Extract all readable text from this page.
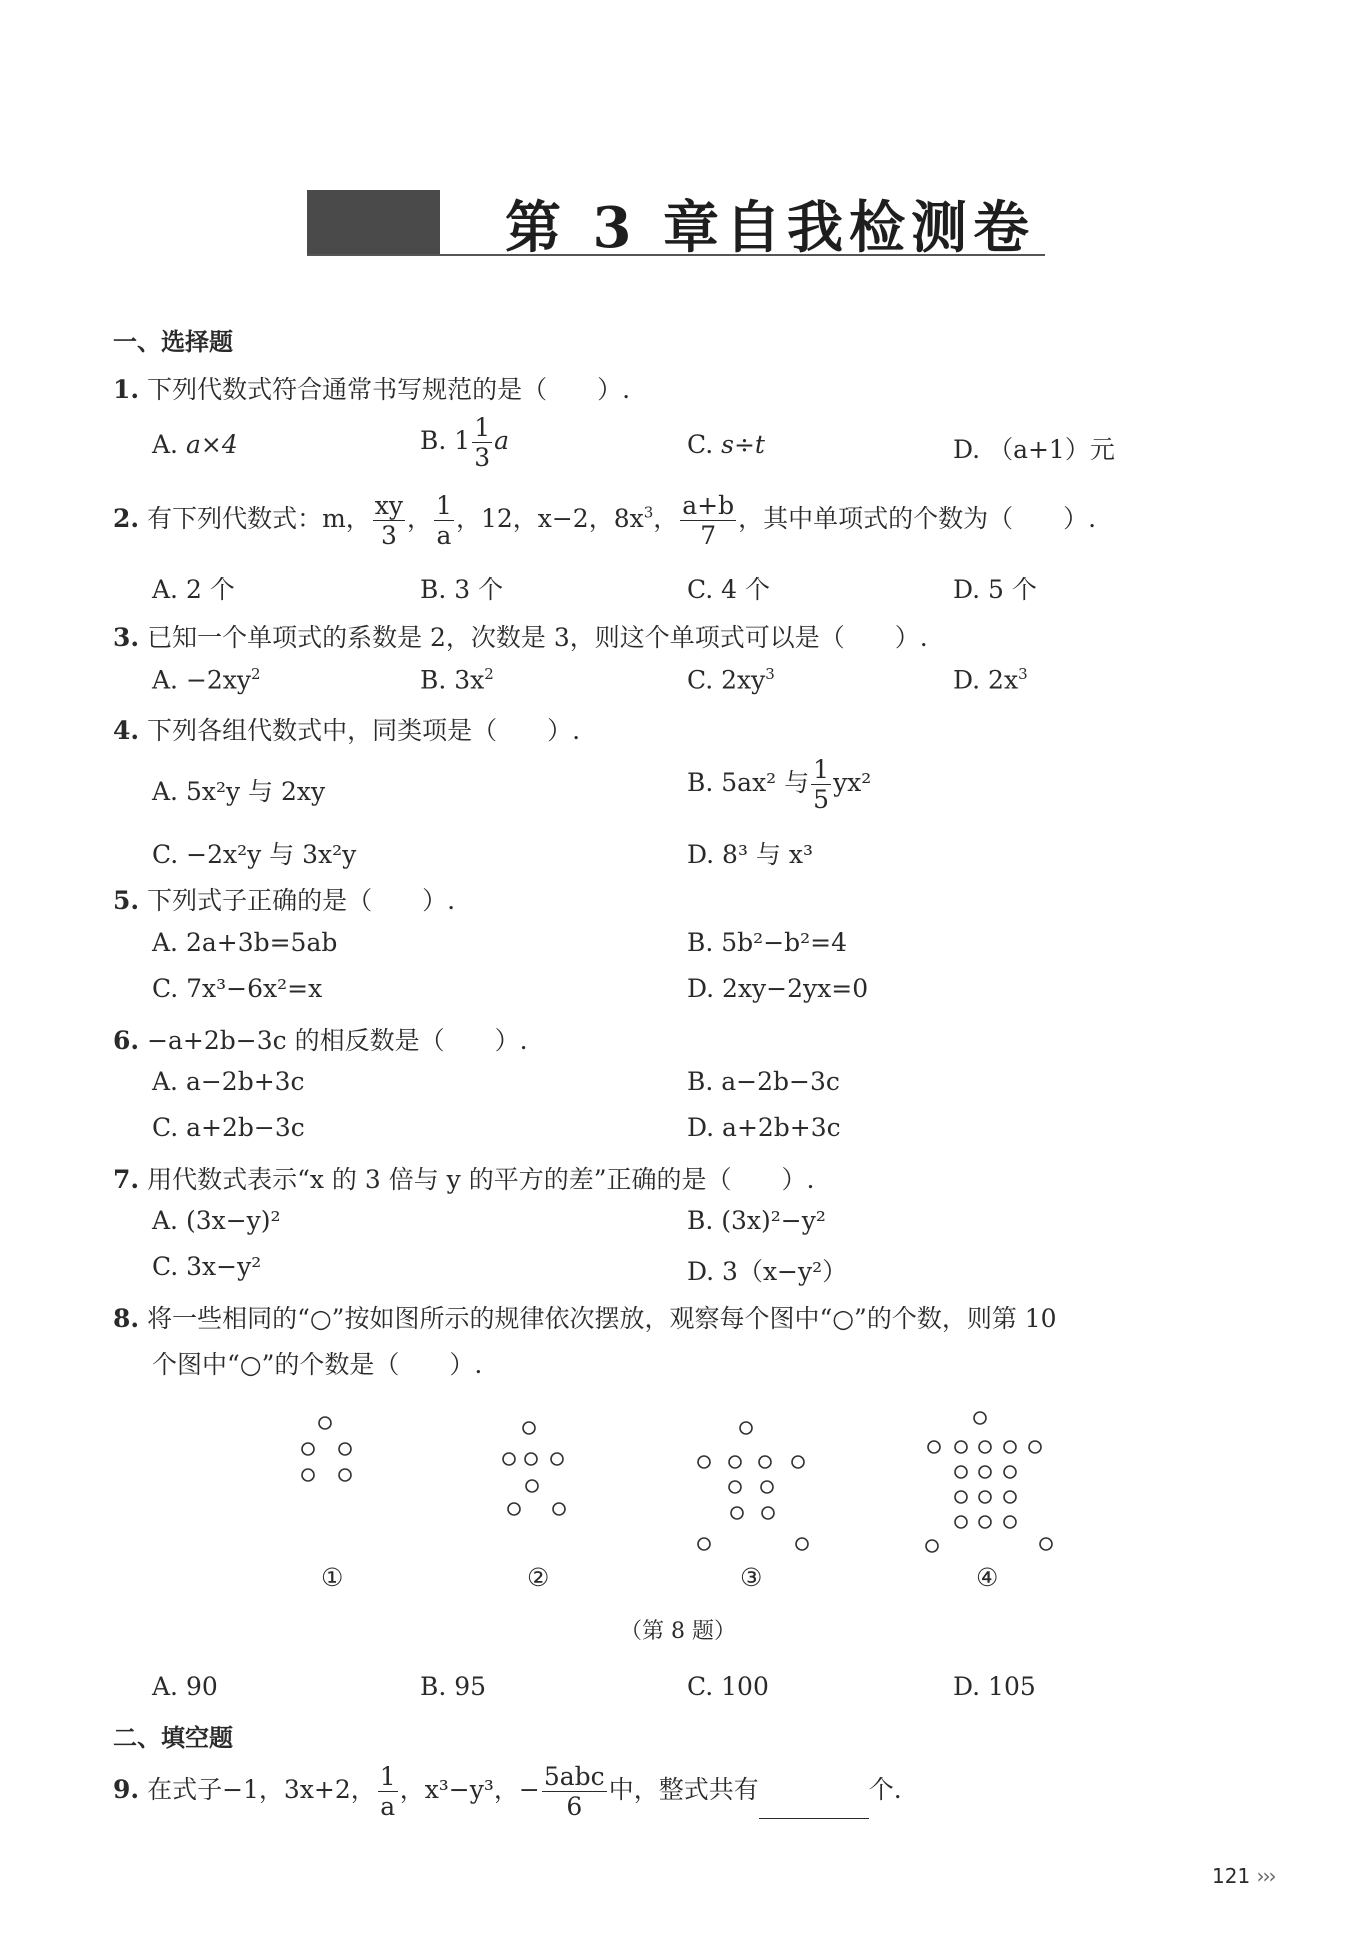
第 3 章自我检测卷
一、选择题
1. 下列代数式符合通常书写规范的是（　　）.
A. a×4	B. $1 \frac{1}{3}$ a	C. s÷t	D. （a+1）元
2. 有下列代数式：m， $\frac{xy}{3}$ ， $\frac{1}{a}$ ，12，x−2，$8x^3$， $\frac{a+b}{7}$ ，其中单项式的个数为（　　）.
A. 2 个	B. 3 个	C. 4 个	D. 5 个
3. 已知一个单项式的系数是 2，次数是 3，则这个单项式可以是（　　）.
A. $-2xy^2$	B. $3x^2$	C. $2xy^3$	D. $2x^3$
4. 下列各组代数式中，同类项是（　　）.
A. 5x²y 与 2xy	B. 5ax² 与 $\frac{1}{5} yx^2$
C. −2x²y 与 3x²y	D. 8³ 与 x³
5. 下列式子正确的是（　　）.
A. 2a+3b=5ab	B. 5b²−b²=4
C. 7x³−6x²=x	D. 2xy−2yx=0
6. −a+2b−3c 的相反数是（　　）.
A. a−2b+3c	B. a−2b−3c
C. a+2b−3c	D. a+2b+3c
7. 用代数式表示“x 的 3 倍与 y 的平方的差”正确的是（　　）.
A. (3x−y)²	B. (3x)²−y²
C. 3x−y²	D. 3（x−y²）
8. 将一些相同的“○”按如图所示的规律依次摆放，观察每个图中“○”的个数，则第 10
个图中“○”的个数是（　　）.
①	②	③	④
（第 8 题）
A. 90	B. 95	C. 100	D. 105
二、填空题
9. 在式子−1，3x+2， $\frac{1}{a}$ ，x³−y³，− $\frac{\text{5abc}}{6}$ 中，整式共有	个.
121 ›››
